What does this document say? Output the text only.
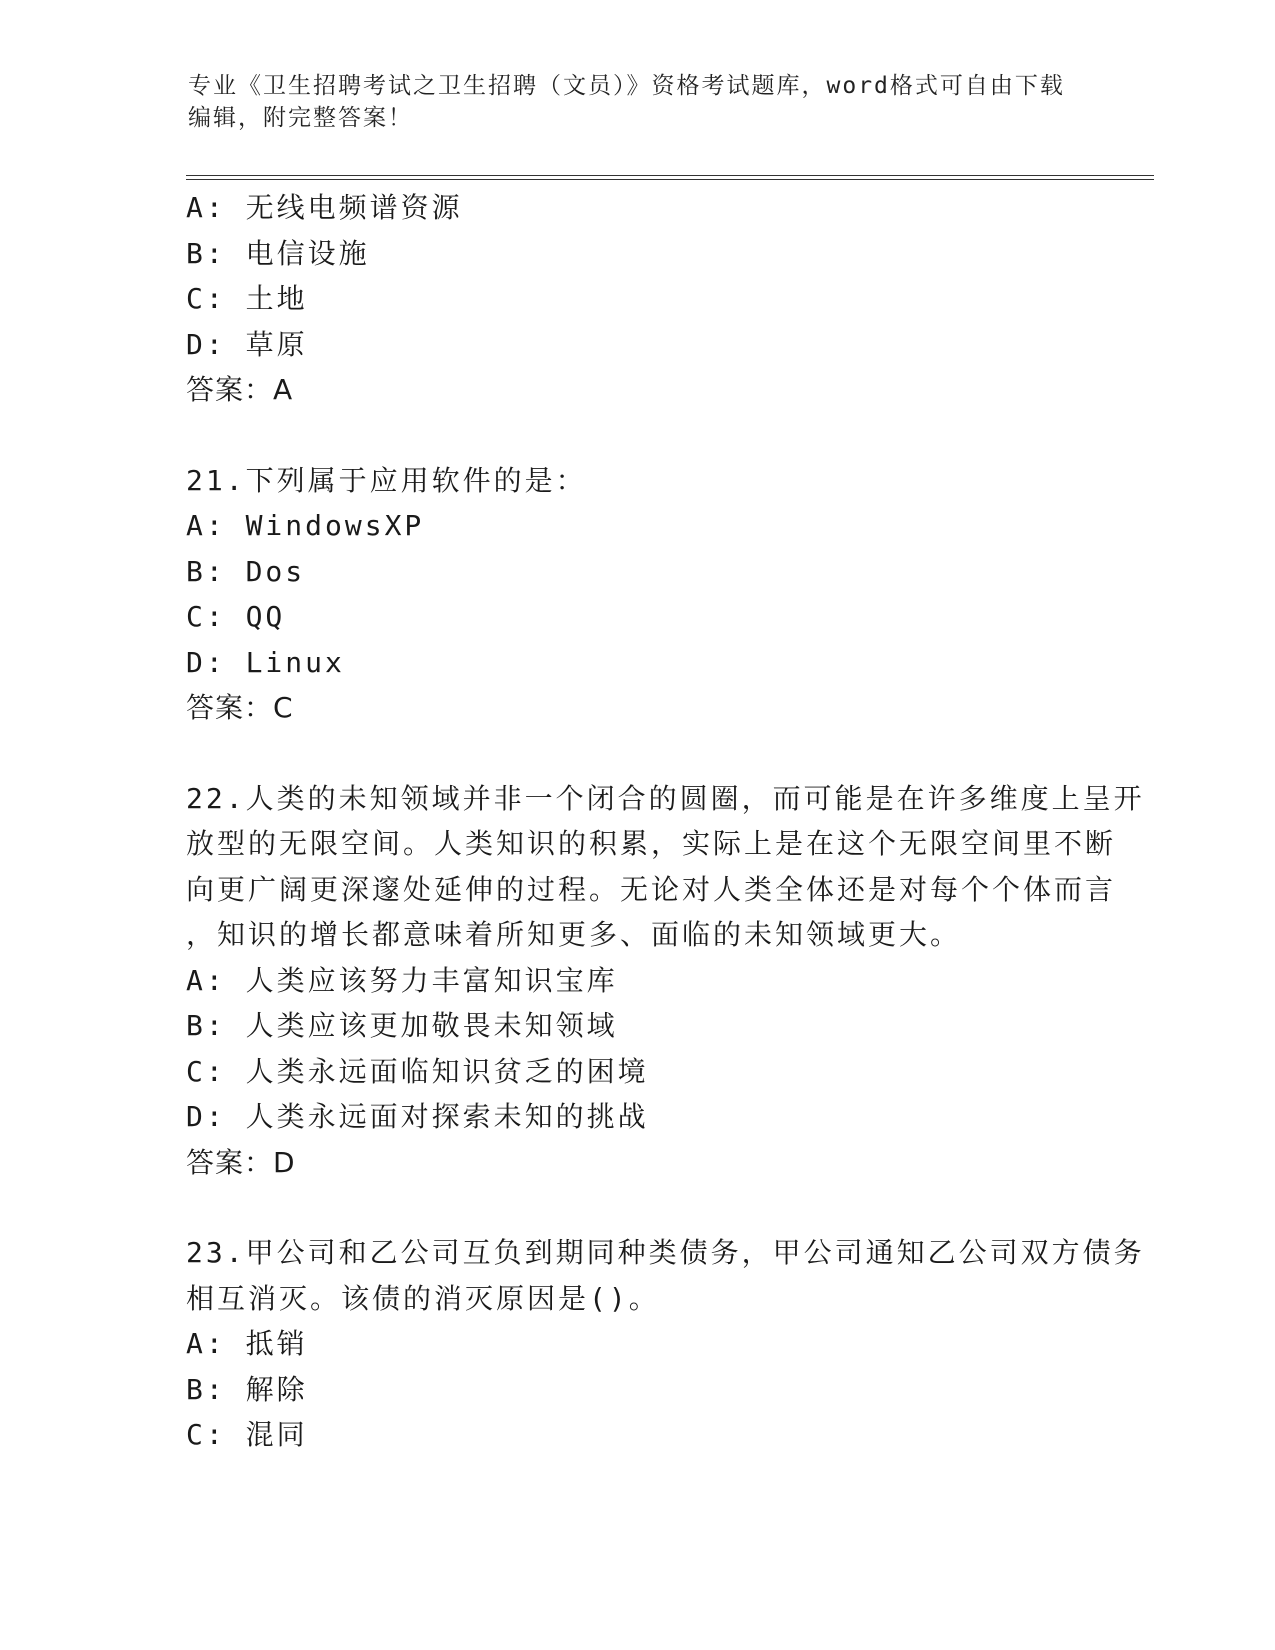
专业《卫生招聘考试之卫生招聘（文员）》资格考试题库，word格式可自由下载编辑，附完整答案！
A: 无线电频谱资源
B: 电信设施
C: 土地
D: 草原
答案：A
21.下列属于应用软件的是：
A: WindowsXP
B: Dos
C: QQ
D: Linux
答案：C
22.人类的未知领域并非一个闭合的圆圈，而可能是在许多维度上呈开
放型的无限空间。人类知识的积累，实际上是在这个无限空间里不断
向更广阔更深邃处延伸的过程。无论对人类全体还是对每个个体而言
，知识的增长都意味着所知更多、面临的未知领域更大。
A: 人类应该努力丰富知识宝库
B: 人类应该更加敬畏未知领域
C: 人类永远面临知识贫乏的困境
D: 人类永远面对探索未知的挑战
答案：D
23.甲公司和乙公司互负到期同种类债务，甲公司通知乙公司双方债务
相互消灭。该债的消灭原因是()。
A: 抵销
B: 解除
C: 混同
